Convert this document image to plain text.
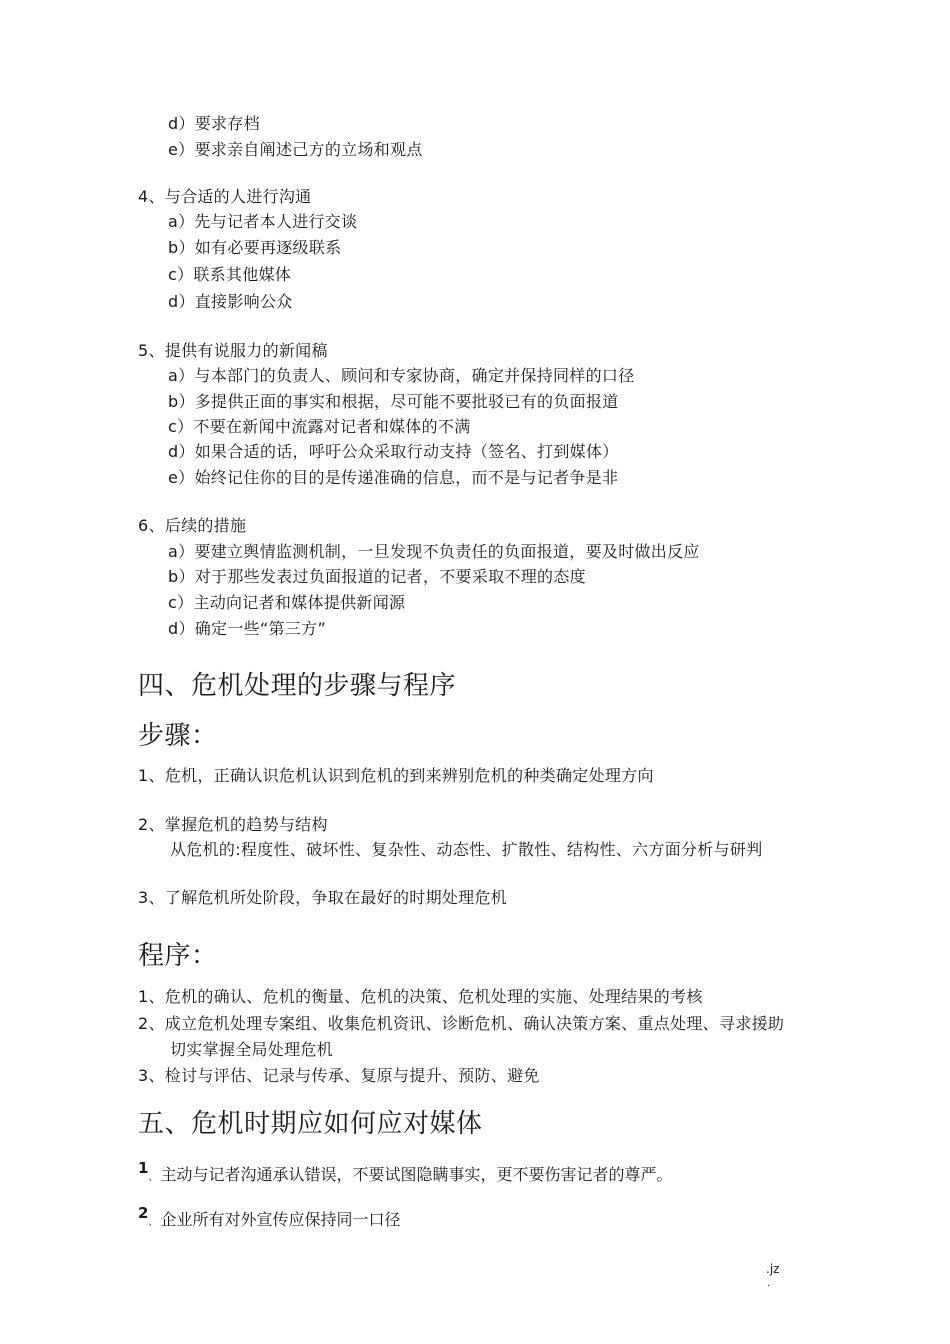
d）要求存档
e）要求亲自阐述己方的立场和观点
4、与合适的人进行沟通
a）先与记者本人进行交谈
b）如有必要再逐级联系
c）联系其他媒体
d）直接影响公众
5、提供有说服力的新闻稿
a）与本部门的负责人、顾问和专家协商，确定并保持同样的口径
b）多提供正面的事实和根据，尽可能不要批驳已有的负面报道
c）不要在新闻中流露对记者和媒体的不满
d）如果合适的话，呼吁公众采取行动支持（签名、打到媒体）
e）始终记住你的目的是传递准确的信息，而不是与记者争是非
6、后续的措施
a）要建立舆情监测机制，一旦发现不负责任的负面报道，要及时做出反应
b）对于那些发表过负面报道的记者，不要采取不理的态度
c）主动向记者和媒体提供新闻源
d）确定一些“第三方”
四、危机处理的步骤与程序
步骤：
1、危机，正确认识危机认识到危机的到来辨别危机的种类确定处理方向
2、掌握危机的趋势与结构
从危机的:程度性、破坏性、复杂性、动态性、扩散性、结构性、六方面分析与研判
3、了解危机所处阶段，争取在最好的时期处理危机
程序：
1、危机的确认、危机的衡量、危机的决策、危机处理的实施、处理结果的考核
2、成立危机处理专案组、收集危机资讯、诊断危机、确认决策方案、重点处理、寻求援助
切实掌握全局处理危机
3、检讨与评估、记录与传承、复原与提升、预防、避免
五、危机时期应如何应对媒体
1、 主动与记者沟通承认错误，不要试图隐瞒事实，更不要伤害记者的尊严。
2、 企业所有对外宣传应保持同一口径
.jz
.
